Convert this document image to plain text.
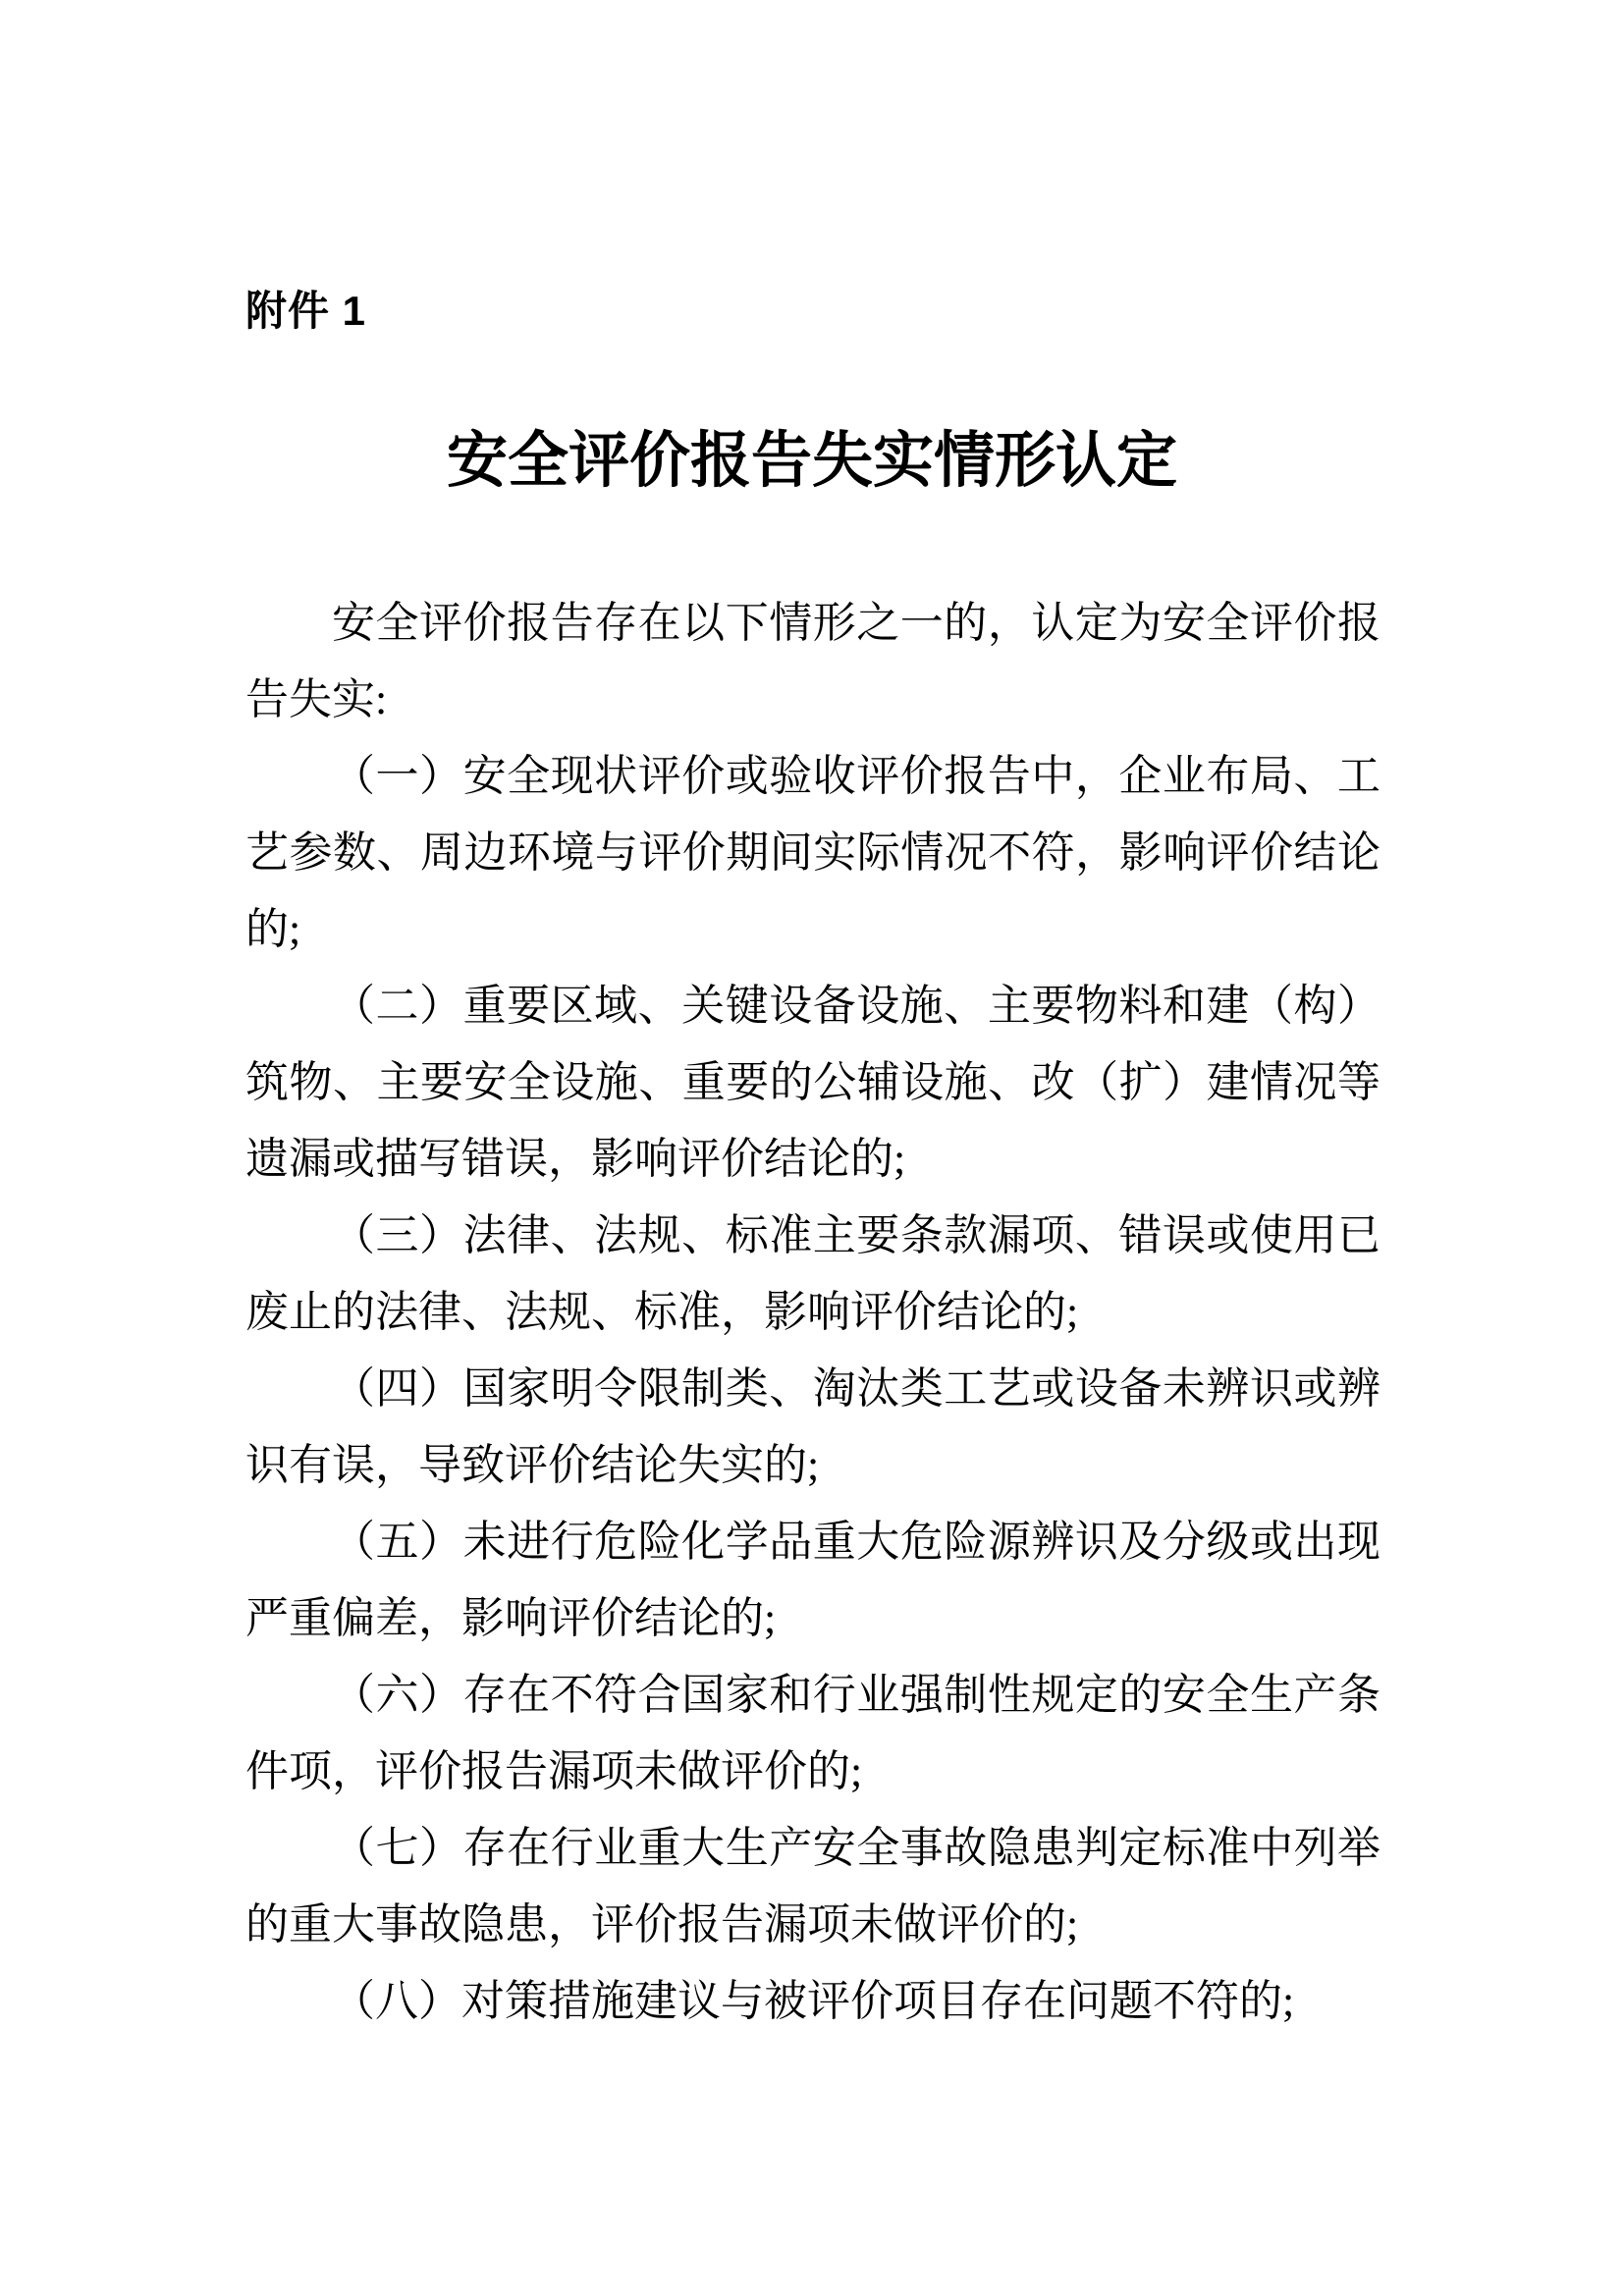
附件 1
安全评价报告失实情形认定

安全评价报告存在以下情形之一的，认定为安全评价报告失实:

（一）安全现状评价或验收评价报告中，企业布局、工艺参数、周边环境与评价期间实际情况不符，影响评价结论的;

（二）重要区域、关键设备设施、主要物料和建（构）筑物、主要安全设施、重要的公辅设施、改（扩）建情况等遗漏或描写错误，影响评价结论的;

（三）法律、法规、标准主要条款漏项、错误或使用已废止的法律、法规、标准，影响评价结论的;

（四）国家明令限制类、淘汰类工艺或设备未辨识或辨识有误，导致评价结论失实的;

（五）未进行危险化学品重大危险源辨识及分级或出现严重偏差，影响评价结论的;

（六）存在不符合国家和行业强制性规定的安全生产条件项，评价报告漏项未做评价的;

（七）存在行业重大生产安全事故隐患判定标准中列举的重大事故隐患，评价报告漏项未做评价的;

（八）对策措施建议与被评价项目存在问题不符的;
